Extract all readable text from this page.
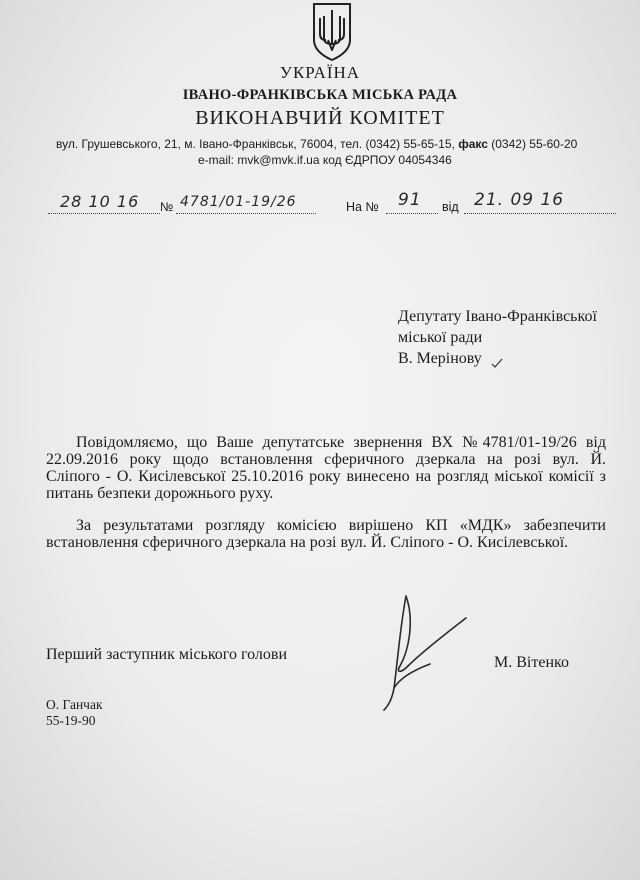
УКРАЇНА
ІВАНО-ФРАНКІВСЬКА МІСЬКА РАДА
ВИКОНАВЧИЙ КОМІТЕТ
вул. Грушевського, 21, м. Івано-Франківськ, 76004, тел. (0342) 55-65-15, факс (0342) 55-60-20
e-mail: mvk@mvk.if.ua код ЄДРПОУ 04054346
28 10 16 № 4781/01-19/26	На № 91 від 21. 09 16
Депутату Івано-Франківської
міської ради
В. Мерінову
Повідомляємо, що Ваше депутатське звернення ВХ №4781/01-19/26 від
22.09.2016 року щодо встановлення сферичного дзеркала на розі вул. Й.
Сліпого - О. Кисілевської 25.10.2016 року винесено на розгляд міської комісії з
питань безпеки дорожнього руху.
За результатами розгляду комісією вирішено КП «МДК» забезпечити
встановлення сферичного дзеркала на розі вул. Й. Сліпого - О. Кисілевської.
Перший заступник міського голови	М. Вітенко
О. Ганчак
55-19-90
